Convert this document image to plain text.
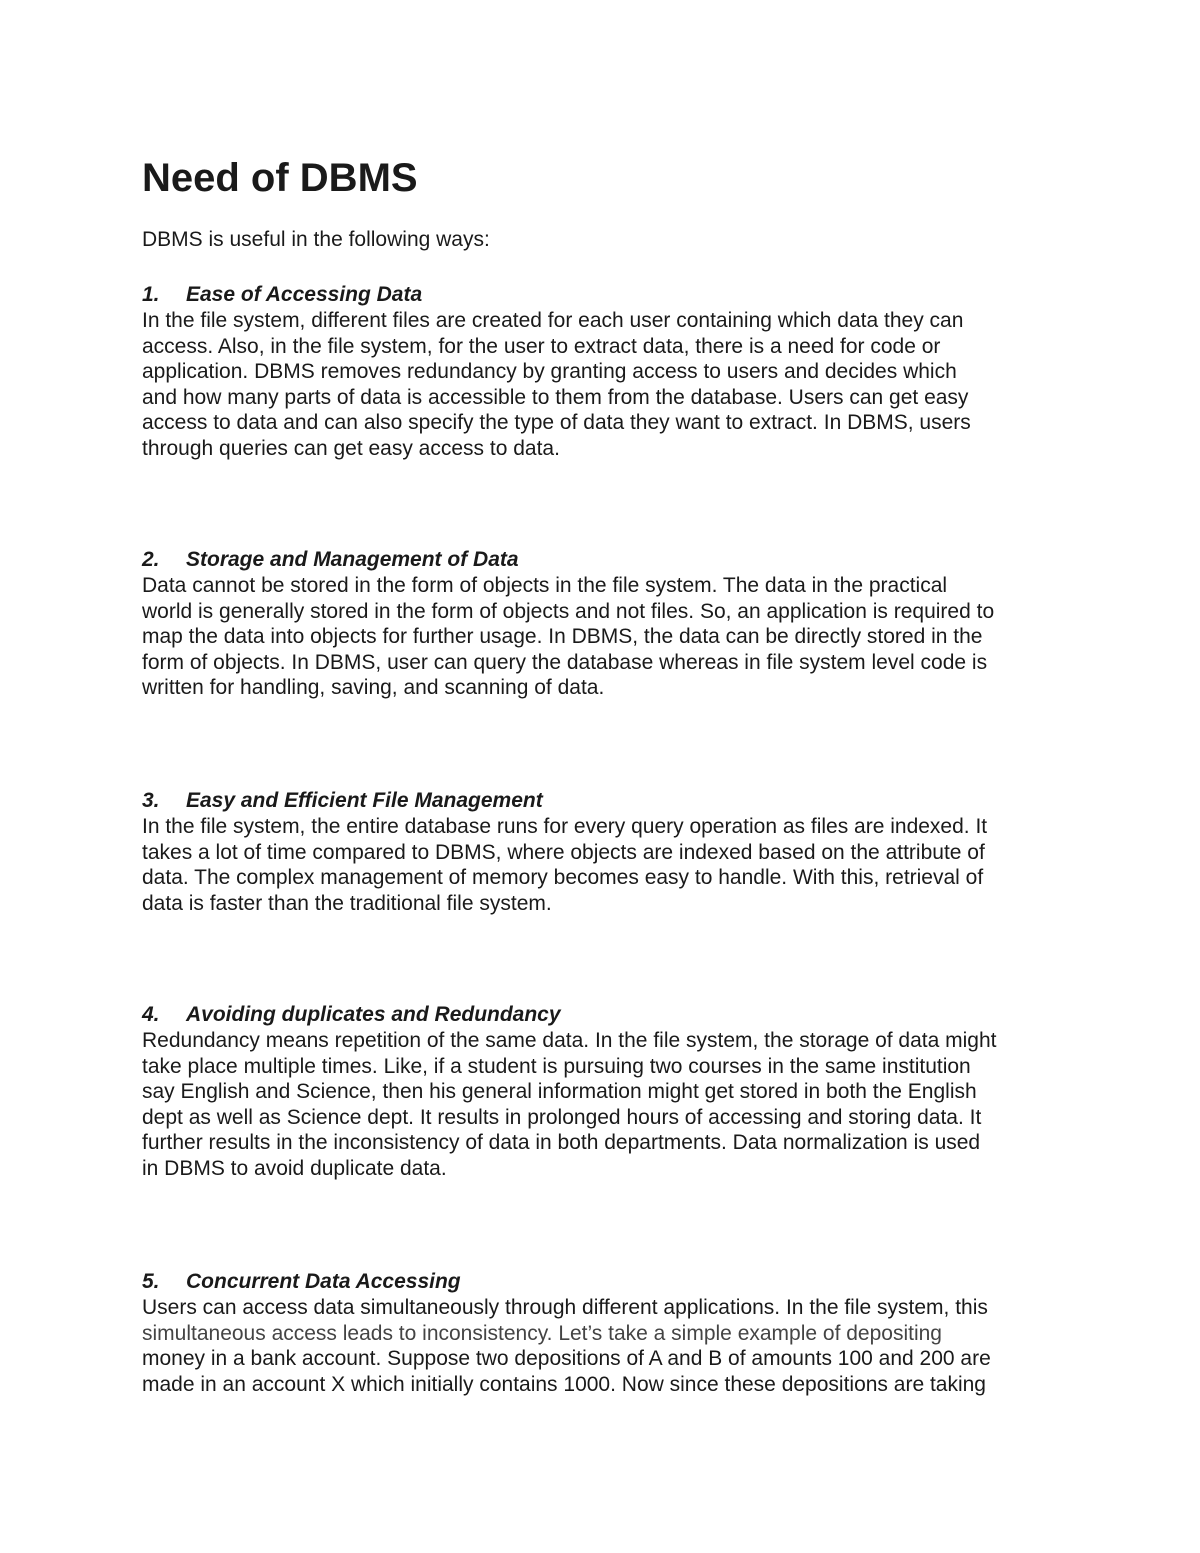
Need of DBMS

DBMS is useful in the following ways:

1. Ease of Accessing Data

In the file system, different files are created for each user containing which data they can

access. Also, in the file system, for the user to extract data, there is a need for code or

application. DBMS removes redundancy by granting access to users and decides which

and how many parts of data is accessible to them from the database. Users can get easy

access to data and can also specify the type of data they want to extract. In DBMS, users

through queries can get easy access to data.

2. Storage and Management of Data

Data cannot be stored in the form of objects in the file system. The data in the practical

world is generally stored in the form of objects and not files. So, an application is required to

map the data into objects for further usage. In DBMS, the data can be directly stored in the

form of objects. In DBMS, user can query the database whereas in file system level code is

written for handling, saving, and scanning of data.

3. Easy and Efficient File Management

In the file system, the entire database runs for every query operation as files are indexed. It

takes a lot of time compared to DBMS, where objects are indexed based on the attribute of

data. The complex management of memory becomes easy to handle. With this, retrieval of

data is faster than the traditional file system.

4. Avoiding duplicates and Redundancy

Redundancy means repetition of the same data. In the file system, the storage of data might

take place multiple times. Like, if a student is pursuing two courses in the same institution

say English and Science, then his general information might get stored in both the English

dept as well as Science dept. It results in prolonged hours of accessing and storing data. It

further results in the inconsistency of data in both departments. Data normalization is used

in DBMS to avoid duplicate data.

5. Concurrent Data Accessing

Users can access data simultaneously through different applications. In the file system, this

simultaneous access leads to inconsistency. Let’s take a simple example of depositing

money in a bank account. Suppose two depositions of A and B of amounts 100 and 200 are

made in an account X which initially contains 1000. Now since these depositions are taking
